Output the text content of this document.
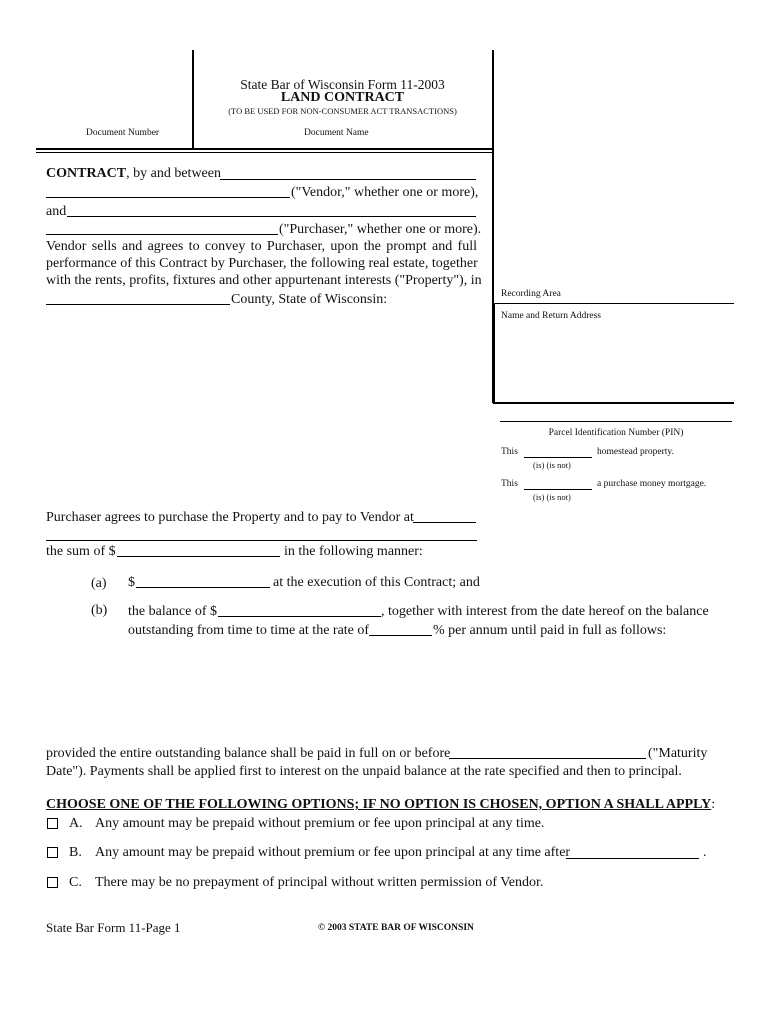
State Bar of Wisconsin Form 11-2003
LAND CONTRACT
(TO BE USED FOR NON-CONSUMER ACT TRANSACTIONS)
Document Number	Document Name
Recording Area
Name and Return Address
Parcel Identification Number (PIN)
This	homestead property.
(is) (is not)
This	a purchase money mortgage.
(is) (is not)
CONTRACT, by and between
("Vendor," whether one or more),
and
("Purchaser," whether one or more).
Vendor sells and agrees to convey to Purchaser, upon the prompt and full
performance of this Contract by Purchaser, the following real estate, together
with the rents, profits, fixtures and other appurtenant interests ("Property"), in
County, State of Wisconsin:
Purchaser agrees to purchase the Property and to pay to Vendor at
the sum of $	in the following manner:
(a) $	at the execution of this Contract; and
(b) the balance of $	, together with interest from the date hereof on the balance
outstanding from time to time at the rate of	% per annum until paid in full as follows:
provided the entire outstanding balance shall be paid in full on or before	("Maturity
Date"). Payments shall be applied first to interest on the unpaid balance at the rate specified and then to principal.
CHOOSE ONE OF THE FOLLOWING OPTIONS; IF NO OPTION IS CHOSEN, OPTION A SHALL APPLY:
A. Any amount may be prepaid without premium or fee upon principal at any time.
B. Any amount may be prepaid without premium or fee upon principal at any time after	.
C. There may be no prepayment of principal without written permission of Vendor.
State Bar Form 11-Page 1	© 2003 STATE BAR OF WISCONSIN
